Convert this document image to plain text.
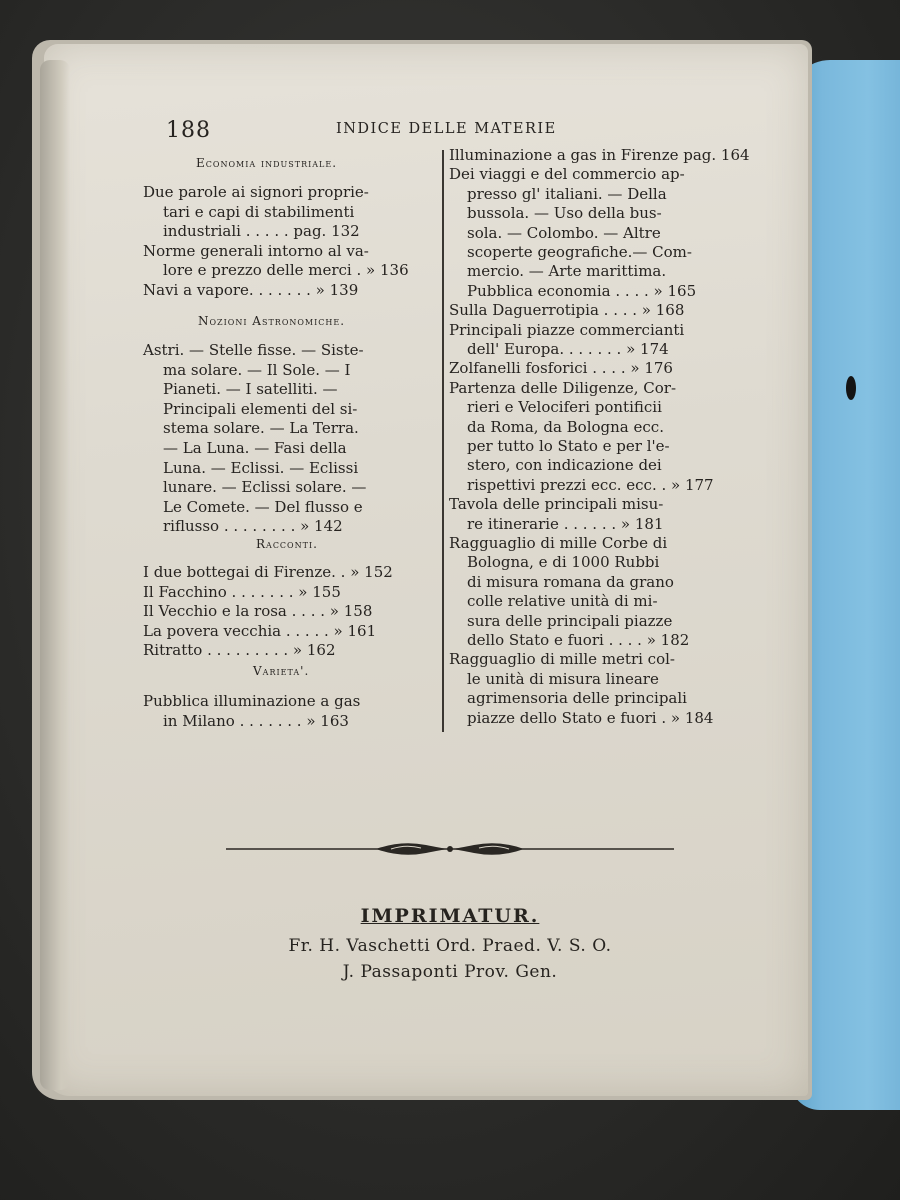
188	INDICE DELLE MATERIE
Economia industriale.
Due parole ai signori proprie-
tari e capi di stabilimenti
industriali . . . . . pag. 132
Norme generali intorno al va-
lore e prezzo delle merci . » 136
Navi a vapore. . . . . . . » 139
Nozioni Astronomiche.
Astri. — Stelle fisse. — Siste-
ma solare. — Il Sole. — I
Pianeti. — I satelliti. —
Principali elementi del si-
stema solare. — La Terra.
— La Luna. — Fasi della
Luna. — Eclissi. — Eclissi
lunare. — Eclissi solare. —
Le Comete. — Del flusso e
riflusso . . . . . . . . » 142
Racconti.
I due bottegai di Firenze. . » 152
Il Facchino . . . . . . . » 155
Il Vecchio e la rosa . . . . » 158
La povera vecchia . . . . . » 161
Ritratto . . . . . . . . . » 162
Varieta'.
Pubblica illuminazione a gas
in Milano . . . . . . . » 163
Illuminazione a gas in Firenze pag. 164
Dei viaggi e del commercio ap-
presso gl' italiani. — Della
bussola. — Uso della bus-
sola. — Colombo. — Altre
scoperte geografiche.— Com-
mercio. — Arte marittima.
Pubblica economia . . . . » 165
Sulla Daguerrotipia . . . . » 168
Principali piazze commercianti
dell' Europa. . . . . . . » 174
Zolfanelli fosforici . . . . » 176
Partenza delle Diligenze, Cor-
rieri e Velociferi pontificii
da Roma, da Bologna ecc.
per tutto lo Stato e per l'e-
stero, con indicazione dei
rispettivi prezzi ecc. ecc. . » 177
Tavola delle principali misu-
re itinerarie . . . . . . » 181
Ragguaglio di mille Corbe di
Bologna, e di 1000 Rubbi
di misura romana da grano
colle relative unità di mi-
sura delle principali piazze
dello Stato e fuori . . . . » 182
Ragguaglio di mille metri col-
le unità di misura lineare
agrimensoria delle principali
piazze dello Stato e fuori . » 184
IMPRIMATUR.
Fr. H. Vaschetti Ord. Praed. V. S. O.
J. Passaponti Prov. Gen.
